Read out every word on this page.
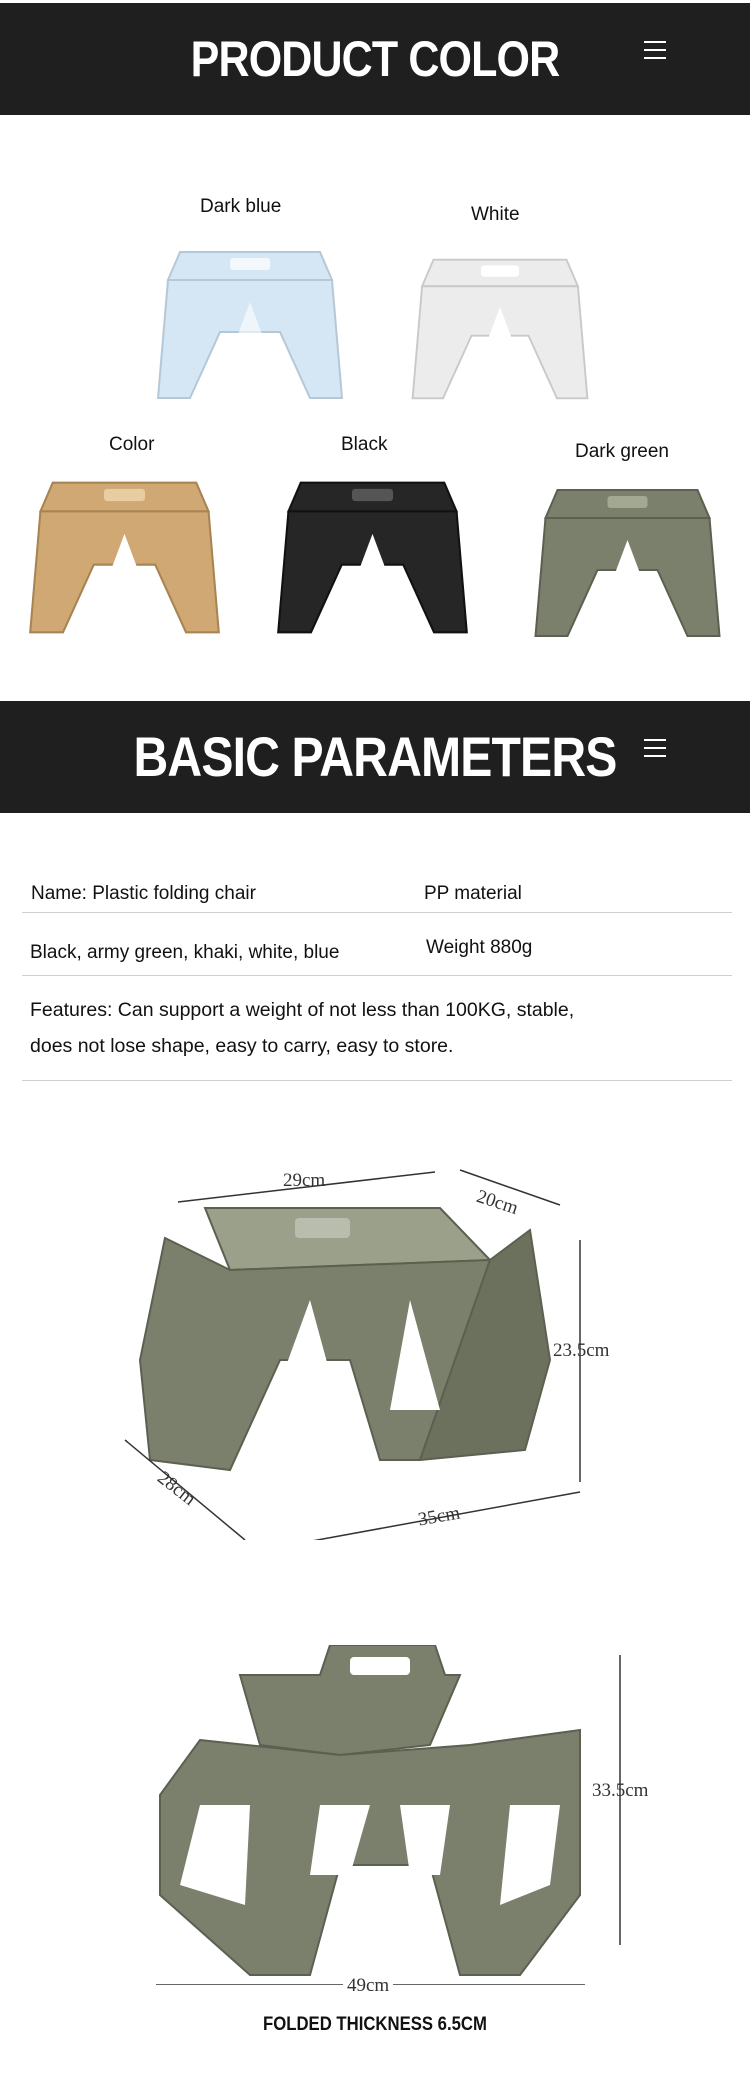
PRODUCT COLOR
Dark blue	White
Color	Black	Dark green
BASIC PARAMETERS
Name: Plastic folding chair	PP material
Black, army green, khaki, white, blue	Weight 880g
Features: Can support a weight of not less than 100KG, stable,
does not lose shape, easy to carry, easy to store.
29cm
20cm
23.5cm
28cm
35cm
33.5cm
49cm
FOLDED THICKNESS 6.5CM
